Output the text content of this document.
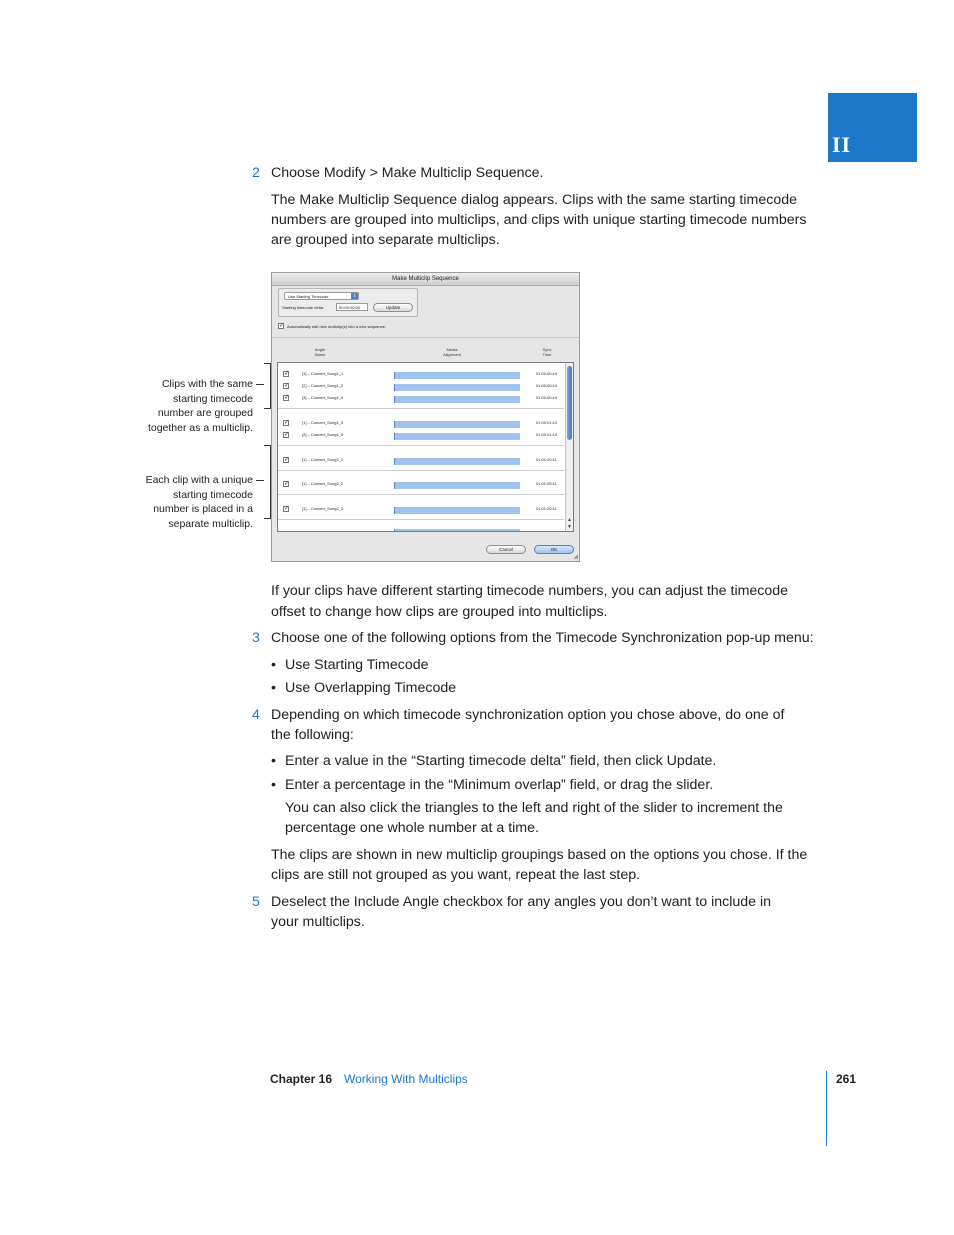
II
2 Choose Modify > Make Multiclip Sequence.
The Make Multiclip Sequence dialog appears. Clips with the same starting timecode
numbers are grouped into multiclips, and clips with unique starting timecode numbers
are grouped into separate multiclips.
Clips with the same
starting timecode
number are grouped
together as a multiclip.
Each clip with a unique
starting timecode
number is placed in a
separate multiclip.
Make Multiclip Sequence
Use Starting Timecode	⇕
Starting timecode delta:	00:00:00:00	Update
✓ Automatically edit new multiclip(s) into a new sequence.
Angle
Name
Media
Alignment
Sync
Time
✓	[1] – Concert_Song1_1	01:00:00:10
✓	[2] – Concert_Song1_2	01:00:00:10
✓	[3] – Concert_Song1_4	01:00:00:10
✓	[1] – Concert_Song1_3	01:00:01:10
✓	[2] – Concert_Song1_5	01:00:01:10
✓	[1] – Concert_Song2_1	01:01:00:11
✓	[1] – Concert_Song2_2	01:01:05:11
✓	[1] – Concert_Song2_3	01:01:20:11
▲
▼
Cancel	OK
◢
If your clips have different starting timecode numbers, you can adjust the timecode
offset to change how clips are grouped into multiclips.
3 Choose one of the following options from the Timecode Synchronization pop-up menu:
• Use Starting Timecode
• Use Overlapping Timecode
4 Depending on which timecode synchronization option you chose above, do one of
the following:
• Enter a value in the “Starting timecode delta” field, then click Update.
• Enter a percentage in the “Minimum overlap” field, or drag the slider.
You can also click the triangles to the left and right of the slider to increment the
percentage one whole number at a time.
The clips are shown in new multiclip groupings based on the options you chose. If the
clips are still not grouped as you want, repeat the last step.
5 Deselect the Include Angle checkbox for any angles you don’t want to include in
your multiclips.
Chapter 16 Working With Multiclips	261
